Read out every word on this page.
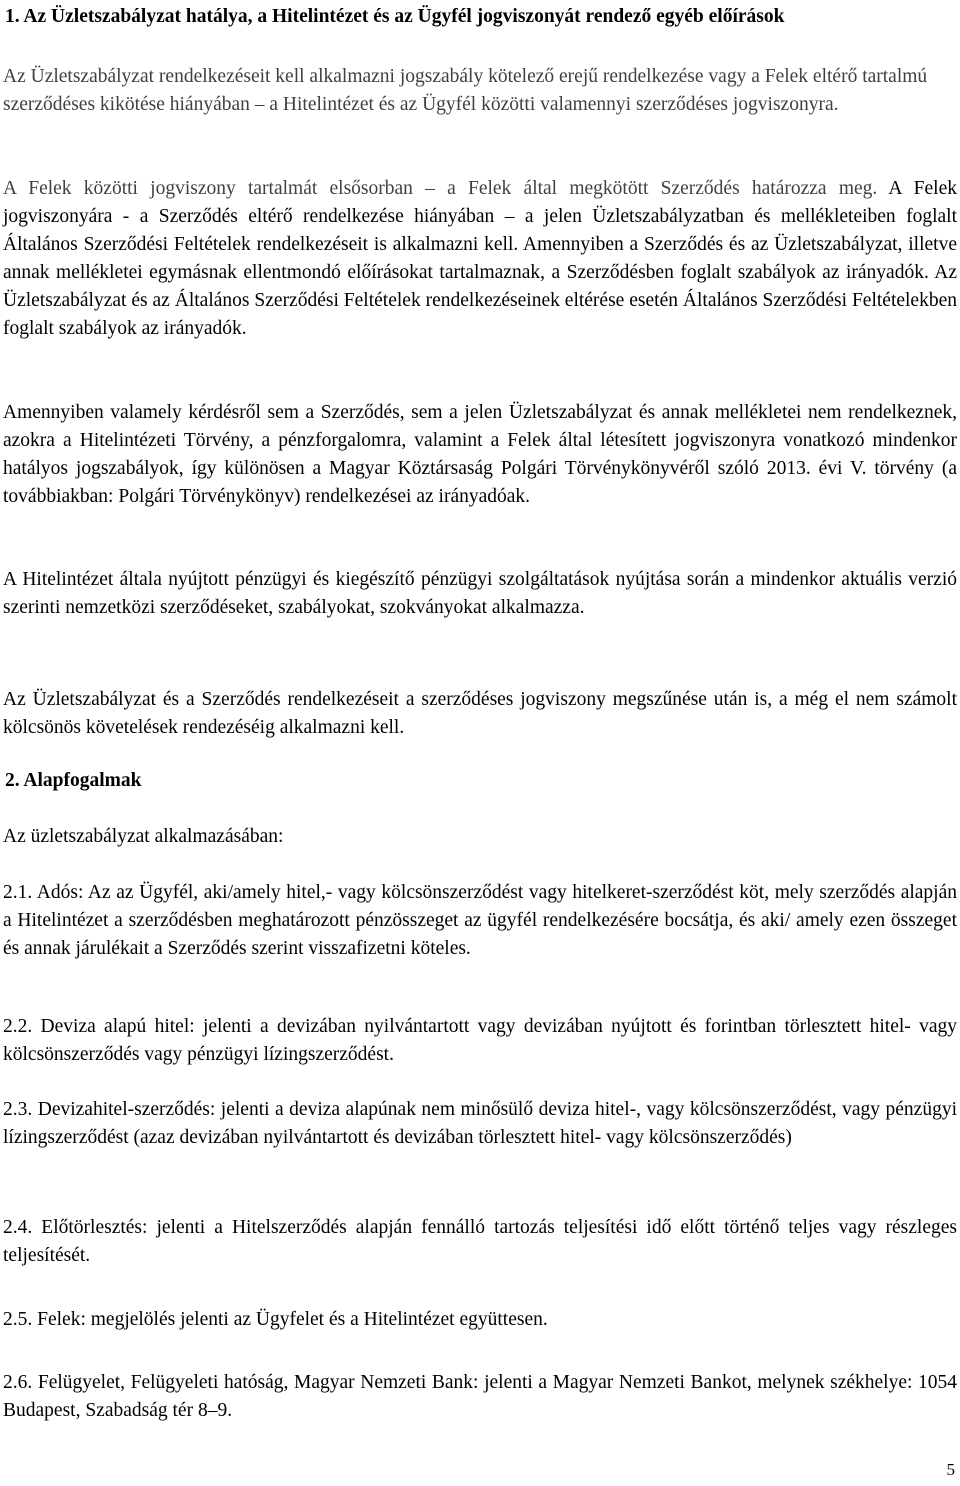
1. Az Üzletszabályzat hatálya, a Hitelintézet és az Ügyfél jogviszonyát rendező egyéb előírások
Az Üzletszabályzat rendelkezéseit kell alkalmazni jogszabály kötelező erejű rendelkezése vagy a Felek eltérő tartalmú szerződéses kikötése hiányában – a Hitelintézet és az Ügyfél közötti valamennyi szerződéses jogviszonyra.
A Felek közötti jogviszony tartalmát elsősorban – a Felek által megkötött Szerződés határozza meg. A Felek jogviszonyára - a Szerződés eltérő rendelkezése hiányában – a jelen Üzletszabályzatban és mellékleteiben foglalt Általános Szerződési Feltételek rendelkezéseit is alkalmazni kell. Amennyiben a Szerződés és az Üzletszabályzat, illetve annak mellékletei egymásnak ellentmondó előírásokat tartalmaznak, a Szerződésben foglalt szabályok az irányadók. Az Üzletszabályzat és az Általános Szerződési Feltételek rendelkezéseinek eltérése esetén Általános Szerződési Feltételekben foglalt szabályok az irányadók.
Amennyiben valamely kérdésről sem a Szerződés, sem a jelen Üzletszabályzat és annak mellékletei nem rendelkeznek, azokra a Hitelintézeti Törvény, a pénzforgalomra, valamint a Felek által létesített jogviszonyra vonatkozó mindenkor hatályos jogszabályok, így különösen a Magyar Köztársaság Polgári Törvénykönyvéről szóló 2013. évi V. törvény (a továbbiakban: Polgári Törvénykönyv) rendelkezései az irányadóak.
A Hitelintézet általa nyújtott pénzügyi és kiegészítő pénzügyi szolgáltatások nyújtása során a mindenkor aktuális verzió szerinti nemzetközi szerződéseket, szabályokat, szokványokat alkalmazza.
Az Üzletszabályzat és a Szerződés rendelkezéseit a szerződéses jogviszony megszűnése után is, a még el nem számolt kölcsönös követelések rendezéséig alkalmazni kell.
2. Alapfogalmak
Az üzletszabályzat alkalmazásában:
2.1. Adós: Az az Ügyfél, aki/amely hitel,- vagy kölcsönszerződést vagy hitelkeret-szerződést köt, mely szerződés alapján a Hitelintézet a szerződésben meghatározott pénzösszeget az ügyfél rendelkezésére bocsátja, és aki/ amely ezen összeget és annak járulékait a Szerződés szerint visszafizetni köteles.
2.2. Deviza alapú hitel: jelenti a devizában nyilvántartott vagy devizában nyújtott és forintban törlesztett hitel- vagy kölcsönszerződés vagy pénzügyi lízingszerződést.
2.3. Devizahitel-szerződés: jelenti a deviza alapúnak nem minősülő deviza hitel-, vagy kölcsönszerződést, vagy pénzügyi lízingszerződést (azaz devizában nyilvántartott és devizában törlesztett hitel- vagy kölcsönszerződés)
2.4. Előtörlesztés: jelenti a Hitelszerződés alapján fennálló tartozás teljesítési idő előtt történő teljes vagy részleges teljesítését.
2.5. Felek: megjelölés jelenti az Ügyfelet és a Hitelintézet együttesen.
2.6. Felügyelet, Felügyeleti hatóság, Magyar Nemzeti Bank: jelenti a Magyar Nemzeti Bankot, melynek székhelye: 1054 Budapest, Szabadság tér 8–9.
5
